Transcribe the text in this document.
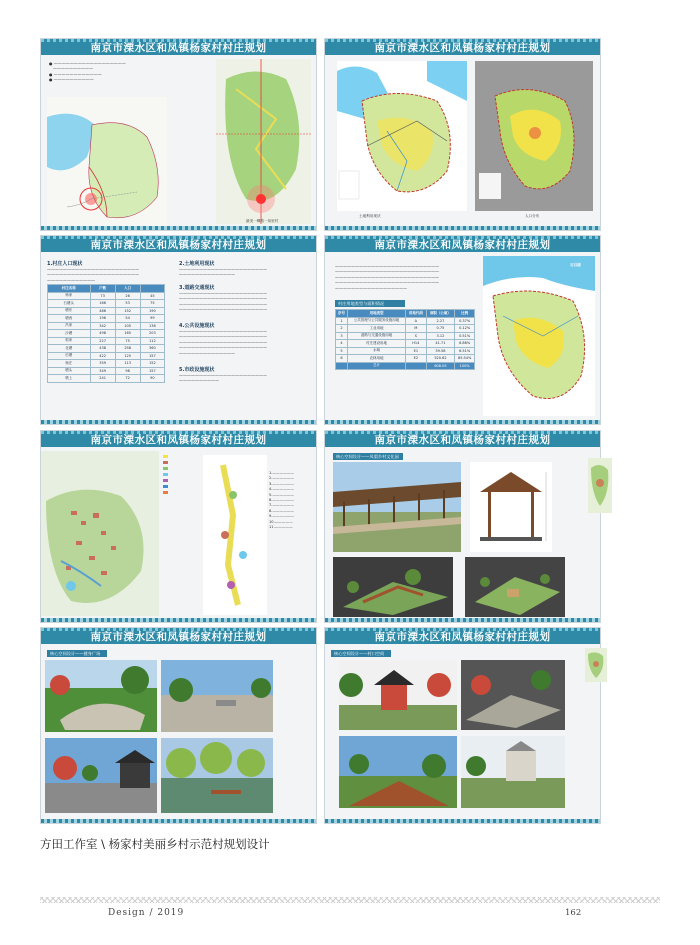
南京市溧水区和凤镇杨家村村庄规划
● ——————————————————
　——————————
● ————————————
● ——————————
最美一樽路一凤里村
南京市溧水区和凤镇杨家村村庄规划
土地利用现状	人口分布
南京市溧水区和凤镇杨家村村庄规划
1.村庄人口现状
———————————————————————
———————————————————————
————————————
村庄名称	户数	人口	
杨家	73	26	45
石塘头	166	53	75
塘东	486	152	190
塘西	196	54	99
冯家	342	105	136
沙塘	498	165	203
郭家	227	75	112
北塘	438	258	360
后塘	422	125	157
杨庄	359	113	152
塘头	349	98	157
墩上	241	72	90
2.土地利用现状
——————————————————————
——————————————
3.道路交通现状
——————————————————————
——————————————————————
——————————————————————
——————————————————————
4.公共设施现状
——————————————————————
——————————————————————
——————————————————————
——————————————————————
——————————————
5.市政设施现状
——————————————————————
——————————
南京市溧水区和凤镇杨家村村庄规划
——————————————————————————
——————————————————————————
——————————————————————————
——————————————————————————
——————————————————
村庄用地类型与面积情况
序号	用地类型	用地代码	面积（公顷）	比例
1	公共管理与公共服务设施用地	A	2.27	0.37%
2	工业用地	M	0.75	0.12%
3	道路与交通设施用地	S	3.12	0.51%
4	村庄建设用地	H14	41.71	6.86%
5	水域	E1	39.58	6.51%
6	农林用地	E2	520.62	85.54%
	总计		608.05	100%
石臼湖
南京市溧水区和凤镇杨家村村庄规划
1.——————
2.——————
3.——————
4.——————
5.——————
6.——————
7.——————
8.——————
9.——————
10.—————
11.—————
南京市溧水区和凤镇杨家村村庄规划
核心空间设计——凤梨乡村文化园
南京市溧水区和凤镇杨家村村庄规划
核心空间设计——健身广场
南京市溧水区和凤镇杨家村村庄规划
核心空间设计——村口空间
方田工作室 \ 杨家村美丽乡村示范村规划设计
Design / 2019	162
